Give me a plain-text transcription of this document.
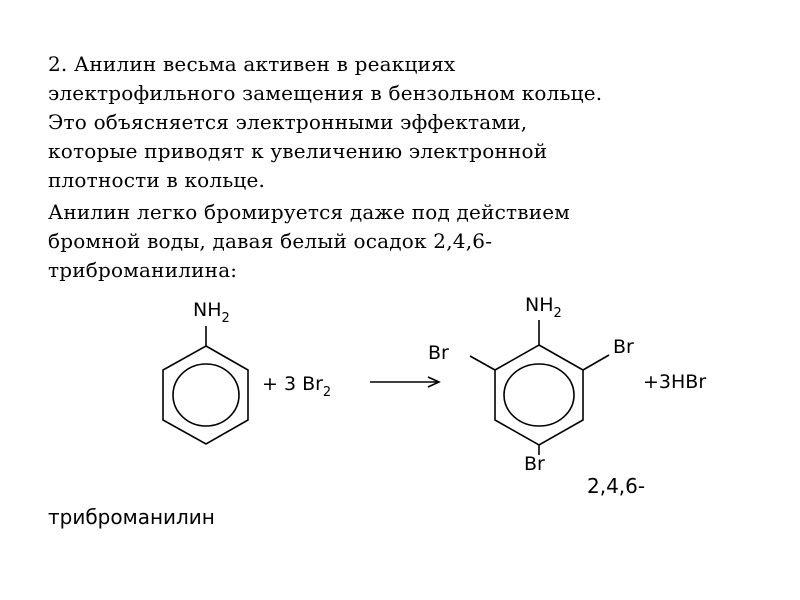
2. Анилин весьма активен в реакциях
электрофильного замещения в бензольном кольце.
Это объясняется электронными эффектами,
которые приводят к увеличению электронной
плотности в кольце.

Анилин легко бромируется даже под действием
бромной воды, давая белый осадок 2,4,6-
триброманилина:

$NH_2$
+ 3 $Br_2$
$NH_2$
Br	Br
Br
+3HBr

2,4,6-

триброманилин
